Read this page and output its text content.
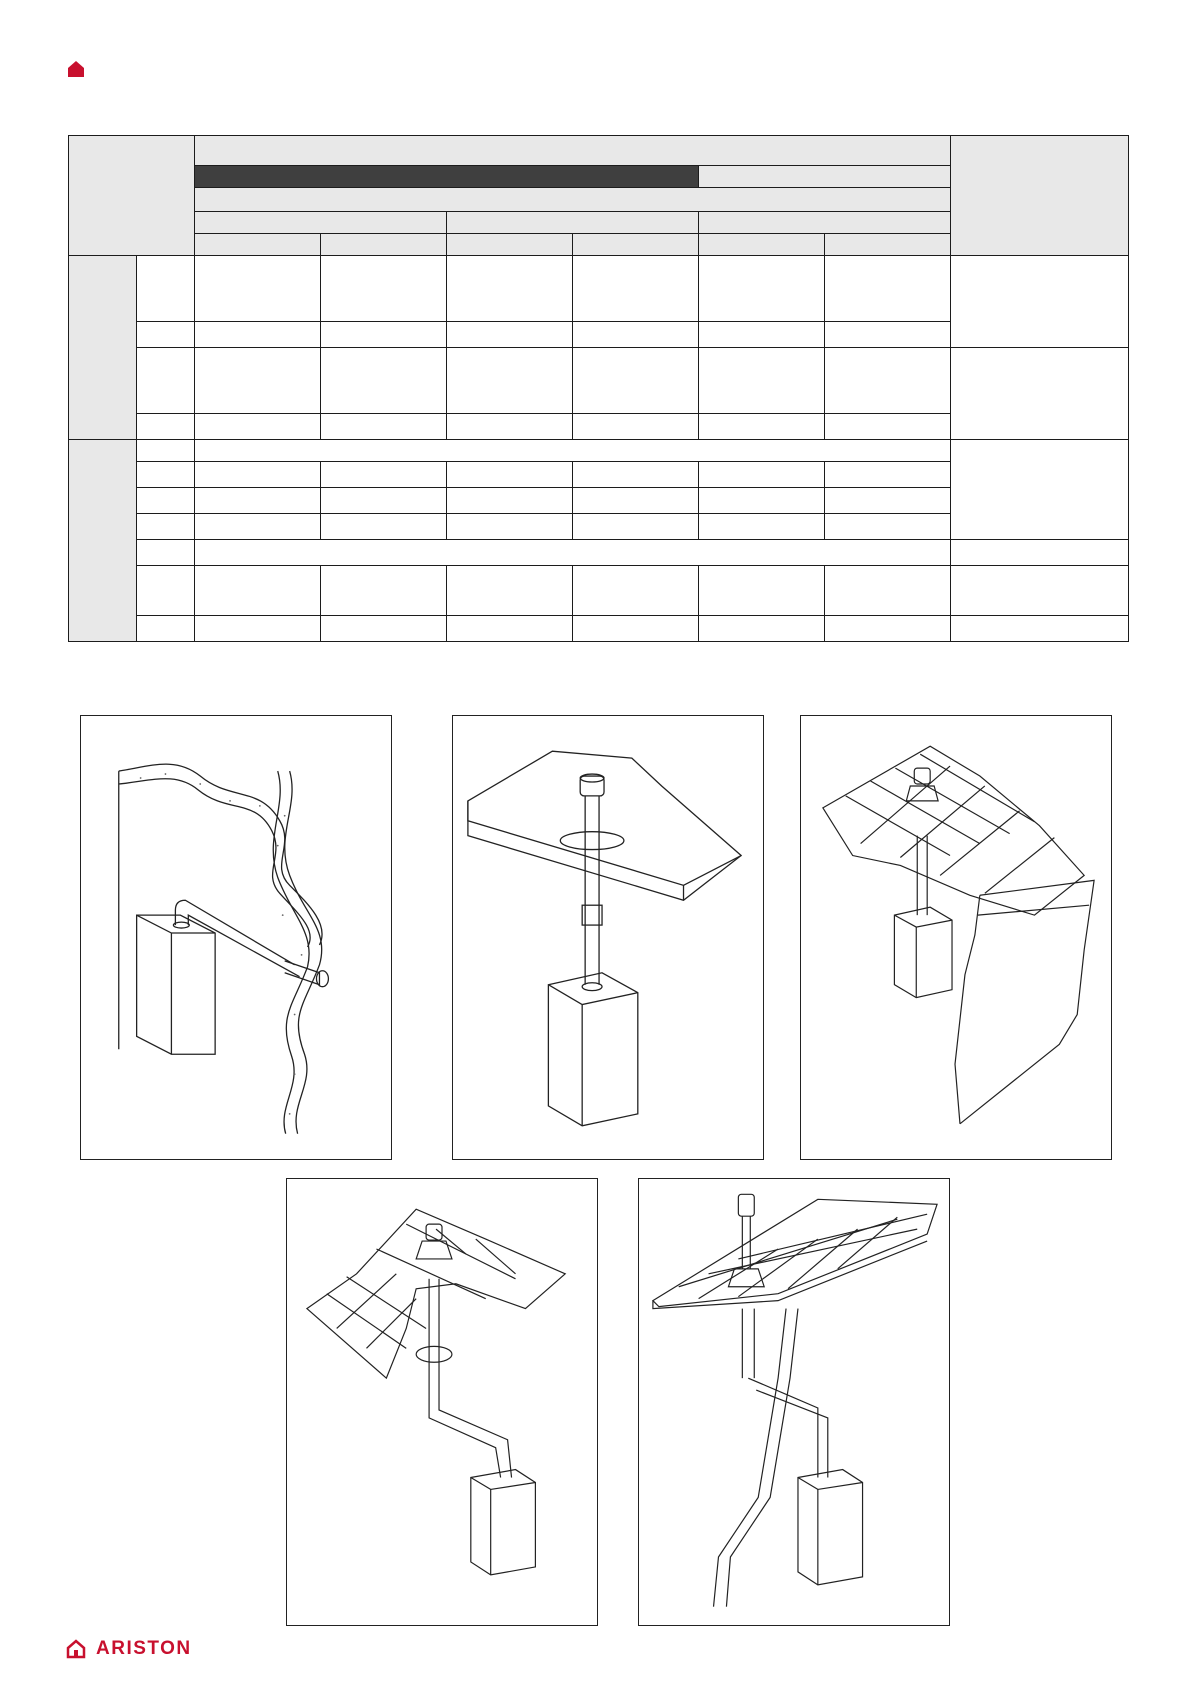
ARISTON
